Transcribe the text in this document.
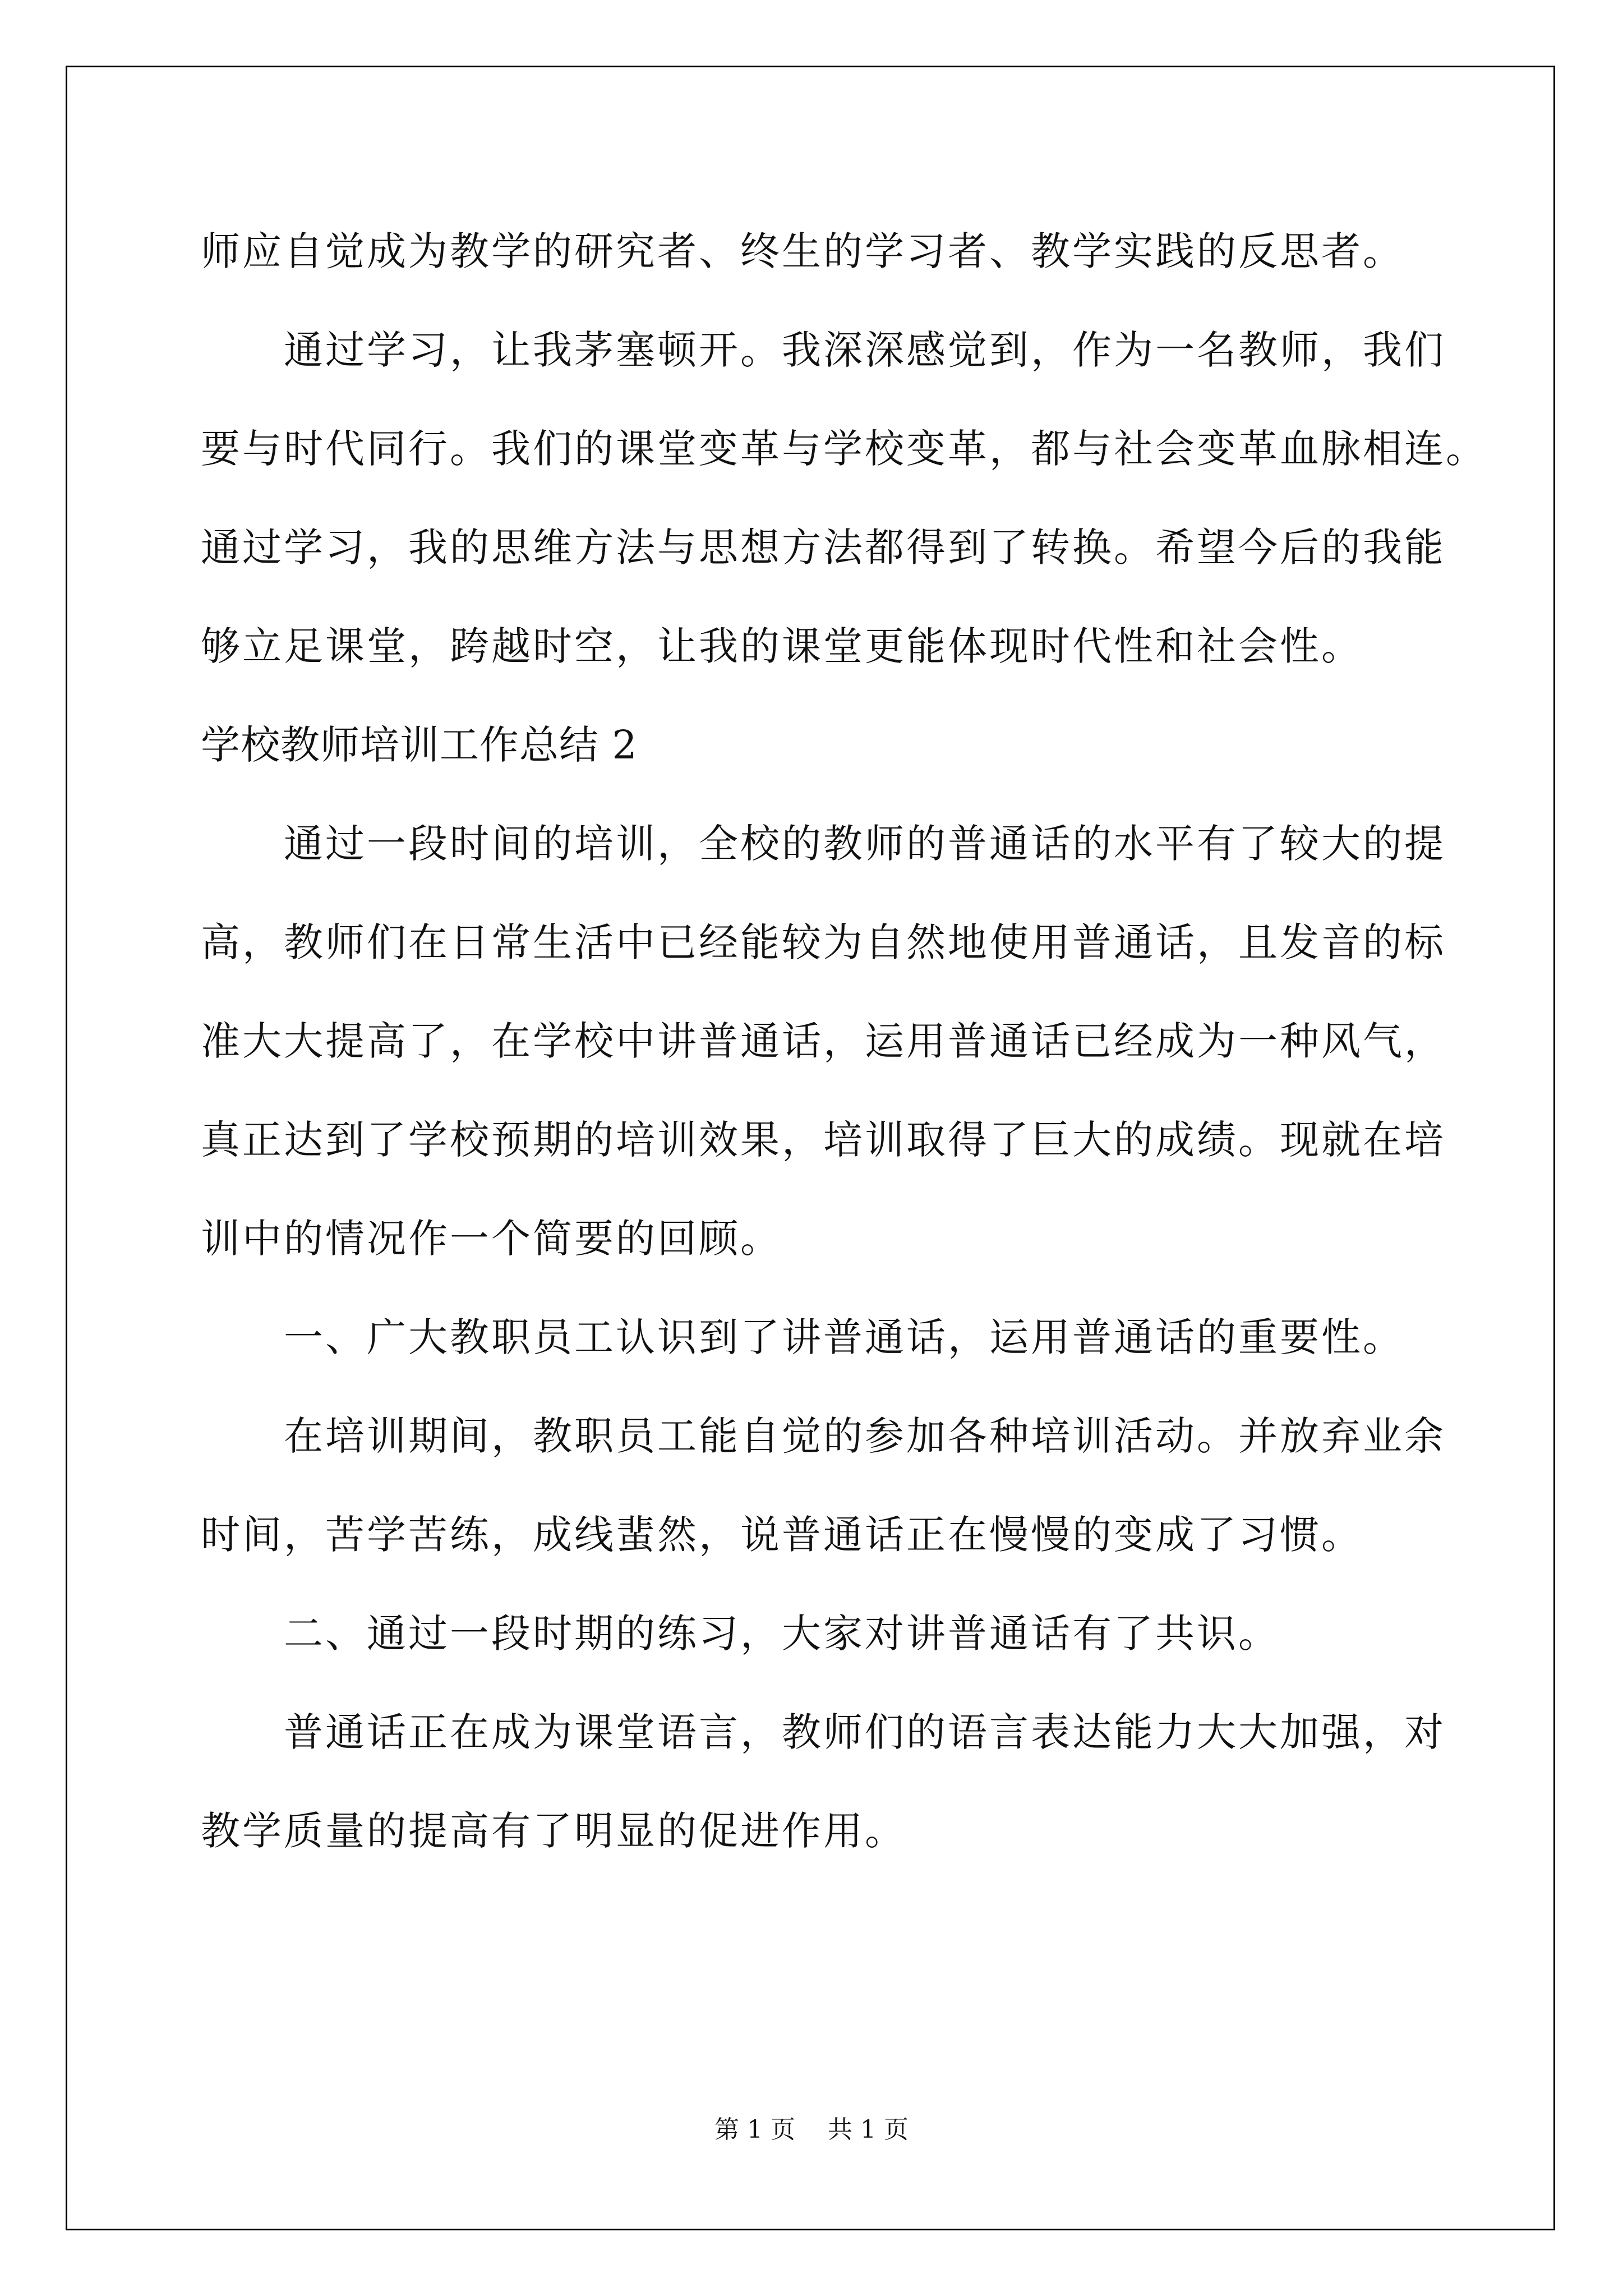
师应自觉成为教学的研究者、终生的学习者、教学实践的反思者。
通过学习，让我茅塞顿开。我深深感觉到，作为一名教师，我们
要与时代同行。我们的课堂变革与学校变革，都与社会变革血脉相连。
通过学习，我的思维方法与思想方法都得到了转换。希望今后的我能
够立足课堂，跨越时空，让我的课堂更能体现时代性和社会性。
学校教师培训工作总结 2
通过一段时间的培训，全校的教师的普通话的水平有了较大的提
高，教师们在日常生活中已经能较为自然地使用普通话，且发音的标
准大大提高了，在学校中讲普通话，运用普通话已经成为一种风气，
真正达到了学校预期的培训效果，培训取得了巨大的成绩。现就在培
训中的情况作一个简要的回顾。
一、广大教职员工认识到了讲普通话，运用普通话的重要性。
在培训期间，教职员工能自觉的参加各种培训活动。并放弃业余
时间，苦学苦练，成线蜚然，说普通话正在慢慢的变成了习惯。
二、通过一段时期的练习，大家对讲普通话有了共识。
普通话正在成为课堂语言，教师们的语言表达能力大大加强，对
教学质量的提高有了明显的促进作用。
第 1 页 共 1 页
